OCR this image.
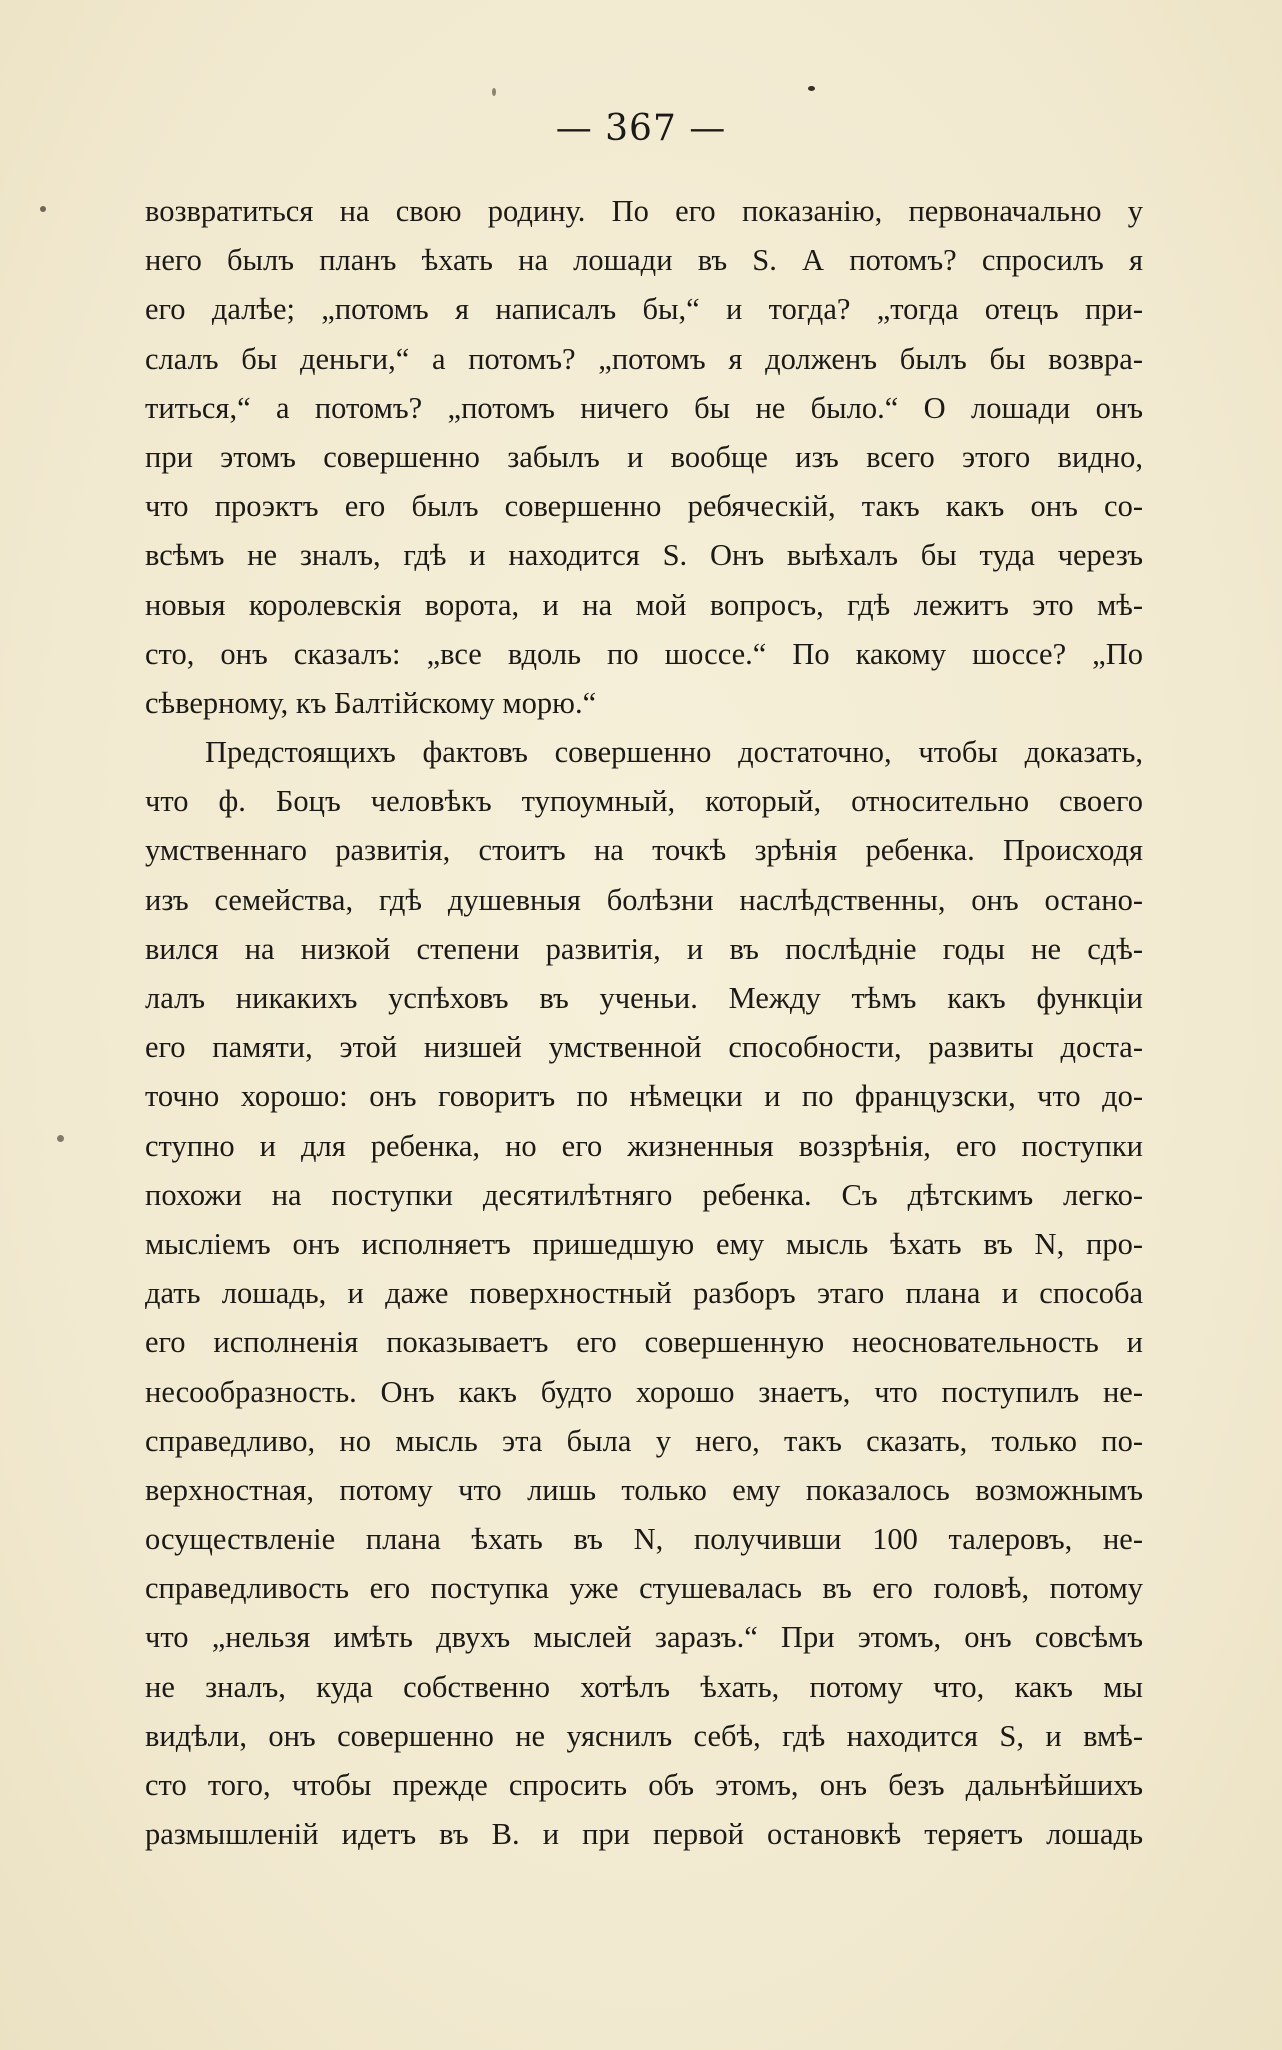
— 367 —

возвратиться на свою родину. По его показанію, первоначально у
него былъ планъ ѣхать на лошади въ S. А потомъ? спросилъ я
его далѣе; „потомъ я написалъ бы,“ и тогда? „тогда отецъ при-
слалъ бы деньги,“ а потомъ? „потомъ я долженъ былъ бы возвра-
титься,“ а потомъ? „потомъ ничего бы не было.“ О лошади онъ
при этомъ совершенно забылъ и вообще изъ всего этого видно,
что проэктъ его былъ совершенно ребяческій, такъ какъ онъ со-
всѣмъ не зналъ, гдѣ и находится S. Онъ выѣхалъ бы туда черезъ
новыя королевскія ворота, и на мой вопросъ, гдѣ лежитъ это мѣ-
сто, онъ сказалъ: „все вдоль по шоссе.“ По какому шоссе? „По
сѣверному, къ Балтійскому морю.“

Предстоящихъ фактовъ совершенно достаточно, чтобы доказать,
что ф. Боцъ человѣкъ тупоумный, который, относительно своего
умственнаго развитія, стоитъ на точкѣ зрѣнія ребенка. Происходя
изъ семейства, гдѣ душевныя болѣзни наслѣдственны, онъ остано-
вился на низкой степени развитія, и въ послѣдніе годы не сдѣ-
лалъ никакихъ успѣховъ въ ученьи. Между тѣмъ какъ функціи
его памяти, этой низшей умственной способности, развиты доста-
точно хорошо: онъ говоритъ по нѣмецки и по французски, что до-
ступно и для ребенка, но его жизненныя воззрѣнія, его поступки
похожи на поступки десятилѣтняго ребенка. Съ дѣтскимъ легко-
мысліемъ онъ исполняетъ пришедшую ему мысль ѣхать въ N, про-
дать лошадь, и даже поверхностный разборъ этаго плана и способа
его исполненія показываетъ его совершенную неосновательность и
несообразность. Онъ какъ будто хорошо знаетъ, что поступилъ не-
справедливо, но мысль эта была у него, такъ сказать, только по-
верхностная, потому что лишь только ему показалось возможнымъ
осуществленіе плана ѣхать въ N, получивши 100 талеровъ, не-
справедливость его поступка уже стушевалась въ его головѣ, потому
что „нельзя имѣть двухъ мыслей заразъ.“ При этомъ, онъ совсѣмъ
не зналъ, куда собственно хотѣлъ ѣхать, потому что, какъ мы
видѣли, онъ совершенно не уяснилъ себѣ, гдѣ находится S, и вмѣ-
сто того, чтобы прежде спросить объ этомъ, онъ безъ дальнѣйшихъ
размышленій идетъ въ B. и при первой остановкѣ теряетъ лошадь
